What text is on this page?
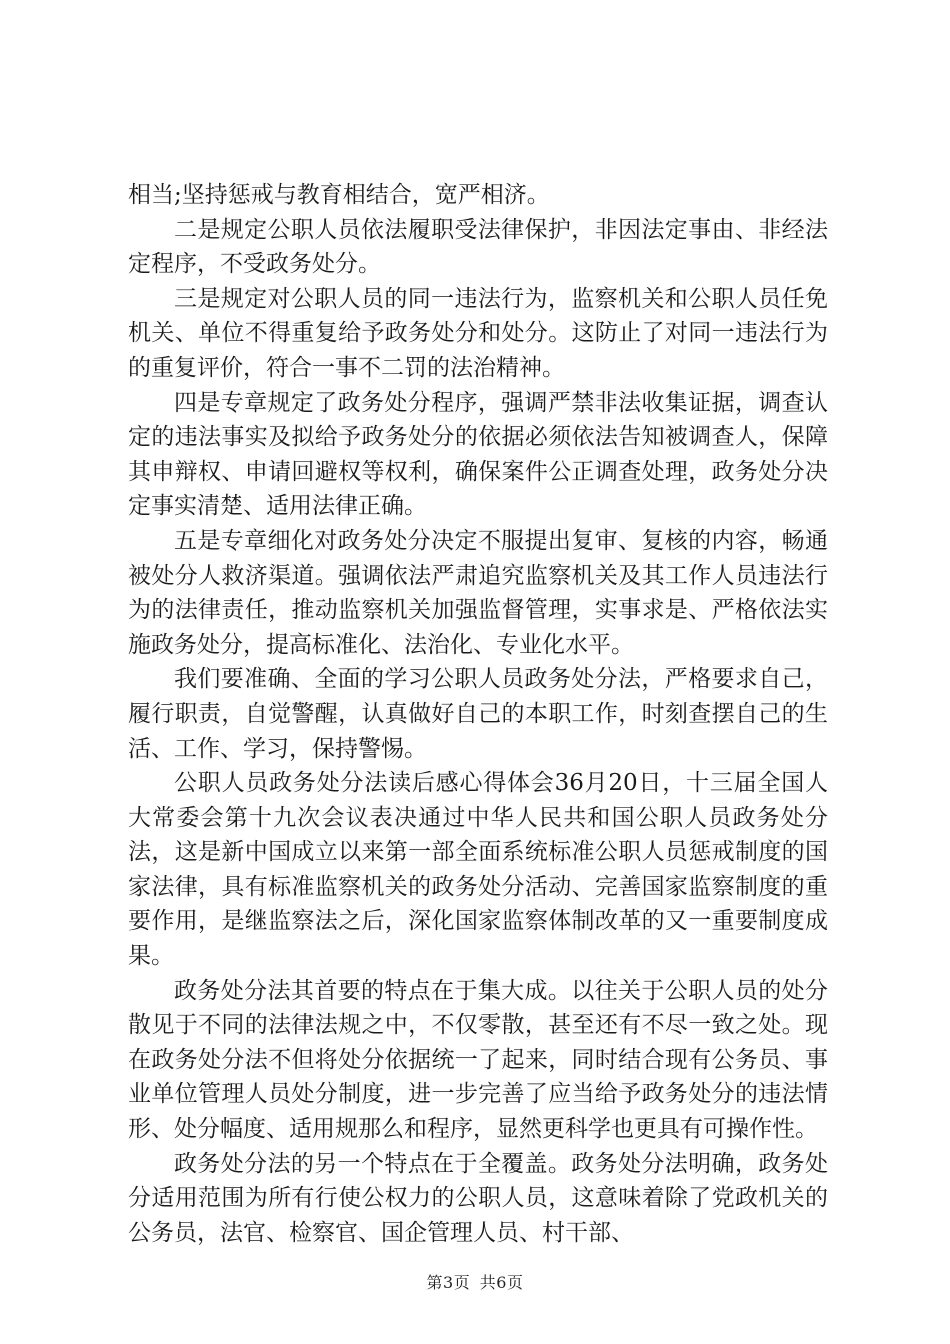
相当;坚持惩戒与教育相结合，宽严相济。

二是规定公职人员依法履职受法律保护，非因法定事由、非经法定程序，不受政务处分。

三是规定对公职人员的同一违法行为，监察机关和公职人员任免机关、单位不得重复给予政务处分和处分。这防止了对同一违法行为的重复评价，符合一事不二罚的法治精神。

四是专章规定了政务处分程序，强调严禁非法收集证据，调查认定的违法事实及拟给予政务处分的依据必须依法告知被调查人，保障其申辩权、申请回避权等权利，确保案件公正调查处理，政务处分决定事实清楚、适用法律正确。

五是专章细化对政务处分决定不服提出复审、复核的内容，畅通被处分人救济渠道。强调依法严肃追究监察机关及其工作人员违法行为的法律责任，推动监察机关加强监督管理，实事求是、严格依法实施政务处分，提高标准化、法治化、专业化水平。

我们要准确、全面的学习公职人员政务处分法，严格要求自己，履行职责，自觉警醒，认真做好自己的本职工作，时刻查摆自己的生活、工作、学习，保持警惕。

公职人员政务处分法读后感心得体会36月20日，十三届全国人大常委会第十九次会议表决通过中华人民共和国公职人员政务处分法，这是新中国成立以来第一部全面系统标准公职人员惩戒制度的国家法律，具有标准监察机关的政务处分活动、完善国家监察制度的重要作用，是继监察法之后，深化国家监察体制改革的又一重要制度成果。

政务处分法其首要的特点在于集大成。以往关于公职人员的处分散见于不同的法律法规之中，不仅零散，甚至还有不尽一致之处。现在政务处分法不但将处分依据统一了起来，同时结合现有公务员、事业单位管理人员处分制度，进一步完善了应当给予政务处分的违法情形、处分幅度、适用规那么和程序，显然更科学也更具有可操作性。

政务处分法的另一个特点在于全覆盖。政务处分法明确，政务处分适用范围为所有行使公权力的公职人员，这意味着除了党政机关的公务员，法官、检察官、国企管理人员、村干部、

第3页 共6页
